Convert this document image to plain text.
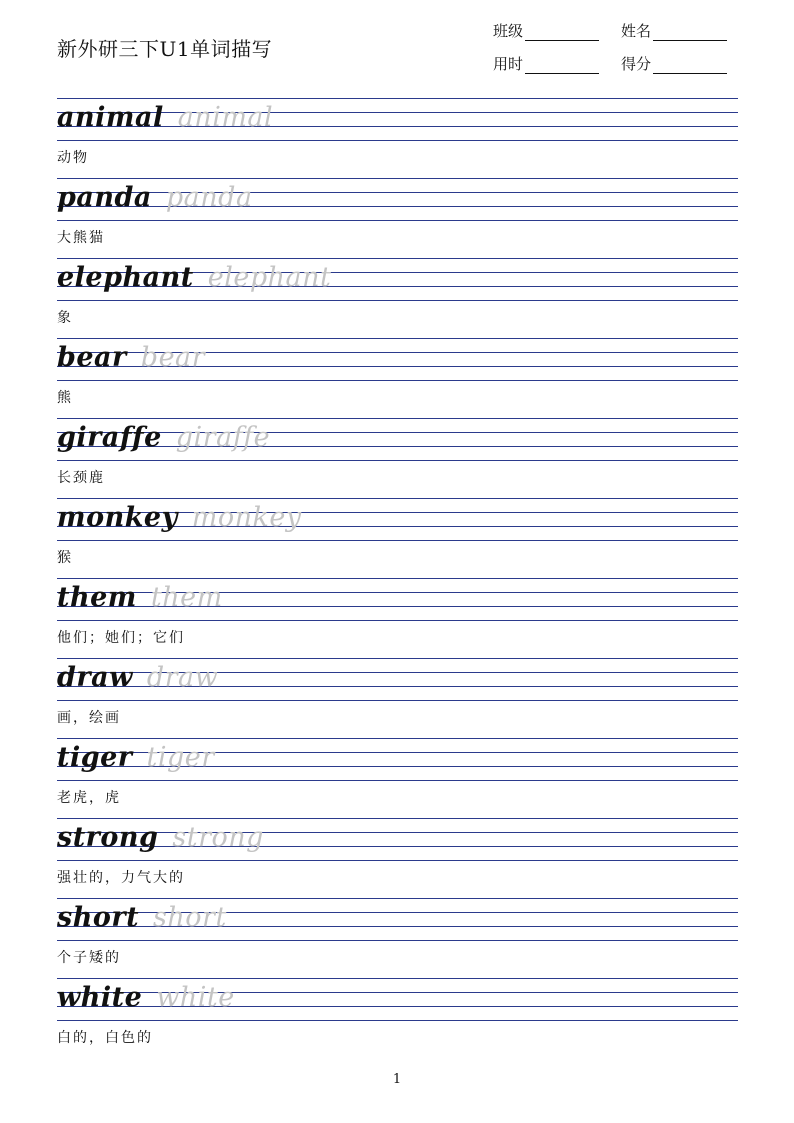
新外研三下U1单词描写
班级	姓名
用时	得分
animal animal
动物
panda panda
大熊猫
elephant elephant
象
bear bear
熊
giraffe giraffe
长颈鹿
monkey monkey
猴
them them
他们；她们；它们
draw draw
画，绘画
tiger tiger
老虎，虎
strong strong
强壮的，力气大的
short short
个子矮的
white white
白的，白色的
1
